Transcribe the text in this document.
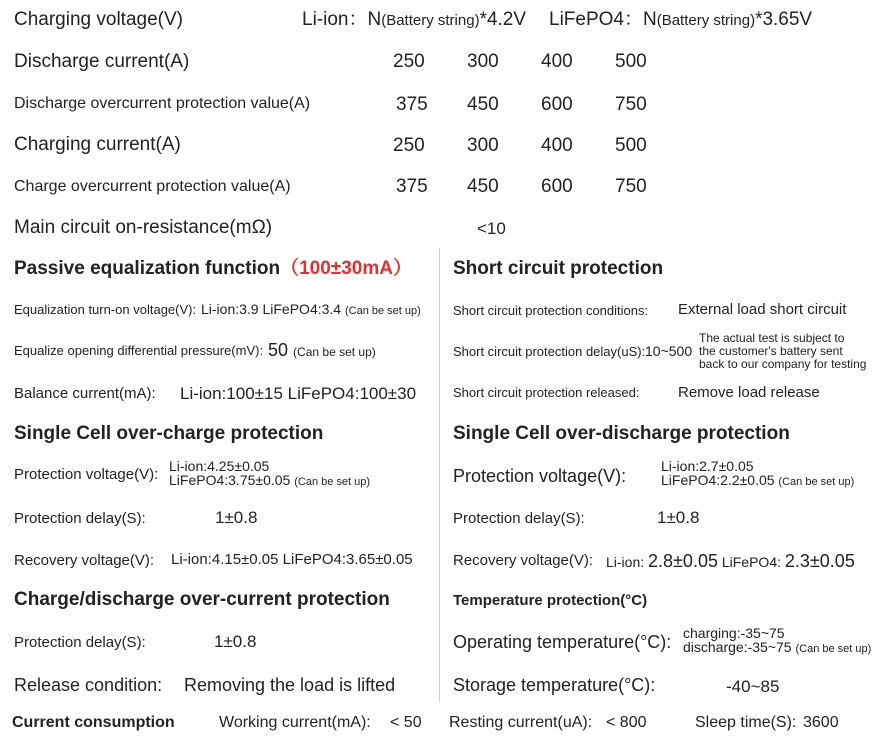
Charging voltage(V)	Li-ion：N(Battery string)*4.2V LiFePO4：N(Battery string)*3.65V
Discharge current(A)	250 300 400 500
Discharge overcurrent protection value(A)	375 450 600 750
Charging current(A)	250 300 400 500
Charge overcurrent protection value(A)	375 450 600 750
Main circuit on-resistance(mΩ)	<10
Passive equalization function（100±30mA）
Equalization turn-on voltage(V): Li-ion:3.9 LiFePO4:3.4 (Can be set up)
Equalize opening differential pressure(mV): 50 (Can be set up)
Balance current(mA): Li-ion:100±15 LiFePO4:100±30
Short circuit protection
Short circuit protection conditions: External load short circuit
Short circuit protection delay(uS): 10~500
The actual test is subject to
the customer's battery sent
back to our company for testing
Short circuit protection released:	Remove load release
Single Cell over-charge protection
Protection voltage(V): Li-ion:4.25±0.05
LiFePO4:3.75±0.05 (Can be set up)
Protection delay(S):	1±0.8
Recovery voltage(V): Li-ion:4.15±0.05 LiFePO4:3.65±0.05
Single Cell over-discharge protection
Protection voltage(V): Li-ion:2.7±0.05
LiFePO4:2.2±0.05 (Can be set up)
Protection delay(S):	1±0.8
Recovery voltage(V): Li-ion: 2.8±0.05 LiFePO4: 2.3±0.05
Charge/discharge over-current protection
Protection delay(S):	1±0.8
Release condition: Removing the load is lifted
Temperature protection(°C)
Operating temperature(°C): charging:-35~75
discharge:-35~75 (Can be set up)
Storage temperature(°C):	-40~85
Current consumption	Working current(mA): < 50 Resting current(uA): < 800	Sleep time(S): 3600
